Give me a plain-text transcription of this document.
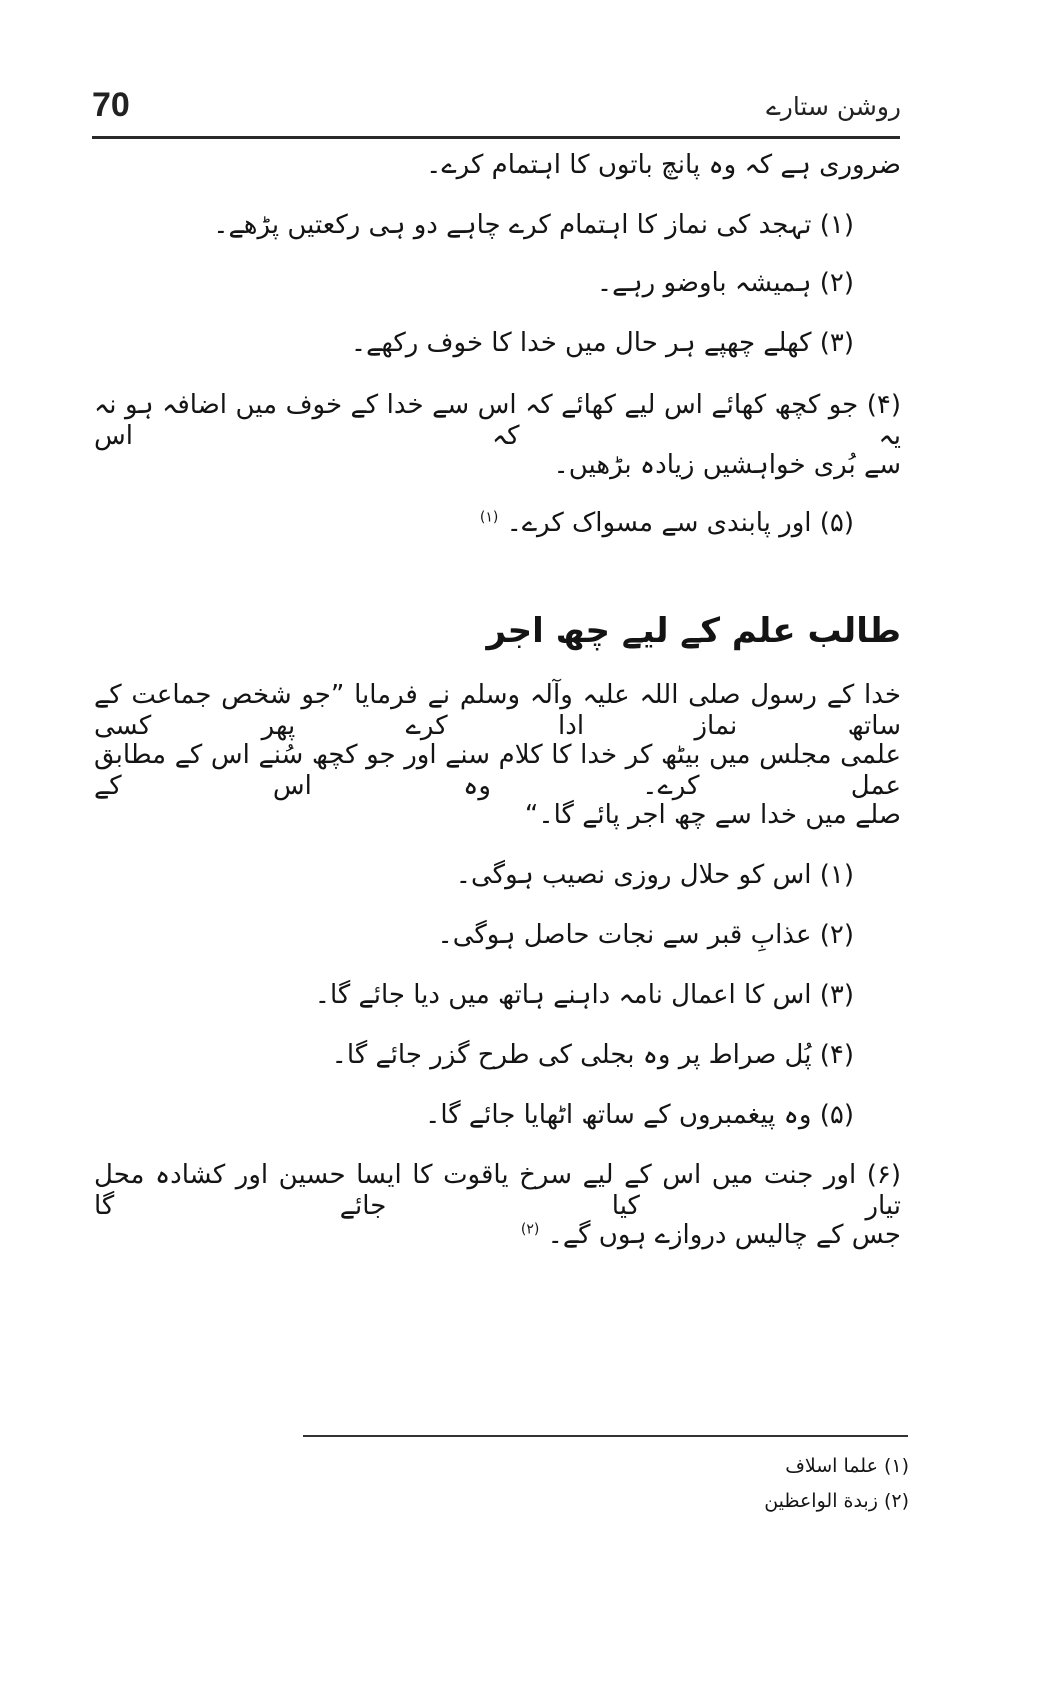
70	روشن ستارے
ضروری ہے کہ وہ پانچ باتوں کا اہتمام کرے۔
(۱) تہجد کی نماز کا اہتمام کرے چاہے دو ہی رکعتیں پڑھے۔
(۲) ہمیشہ باوضو رہے۔
(۳) کھلے چھپے ہر حال میں خدا کا خوف رکھے۔
(۴) جو کچھ کھائے اس لیے کھائے کہ اس سے خدا کے خوف میں اضافہ ہو نہ یہ کہ اس
سے بُری خواہشیں زیادہ بڑھیں۔
(۵) اور پابندی سے مسواک کرے۔ $^{(۱)}$
طالب علم کے لیے چھ اجر
خدا کے رسول صلی اللہ علیہ وآلہ وسلم نے فرمایا ”جو شخص جماعت کے ساتھ نماز ادا کرے پھر کسی
علمی مجلس میں بیٹھ کر خدا کا کلام سنے اور جو کچھ سُنے اس کے مطابق عمل کرے۔ وہ اس کے
صلے میں خدا سے چھ اجر پائے گا۔“
(۱) اس کو حلال روزی نصیب ہوگی۔
(۲) عذابِ قبر سے نجات حاصل ہوگی۔
(۳) اس کا اعمال نامہ داہنے ہاتھ میں دیا جائے گا۔
(۴) پُل صراط پر وہ بجلی کی طرح گزر جائے گا۔
(۵) وہ پیغمبروں کے ساتھ اٹھایا جائے گا۔
(۶) اور جنت میں اس کے لیے سرخ یاقوت کا ایسا حسین اور کشادہ محل تیار کیا جائے گا
جس کے چالیس دروازے ہوں گے۔ $^{(۲)}$
(۱) علما اسلاف
(۲) زبدة الواعظین
